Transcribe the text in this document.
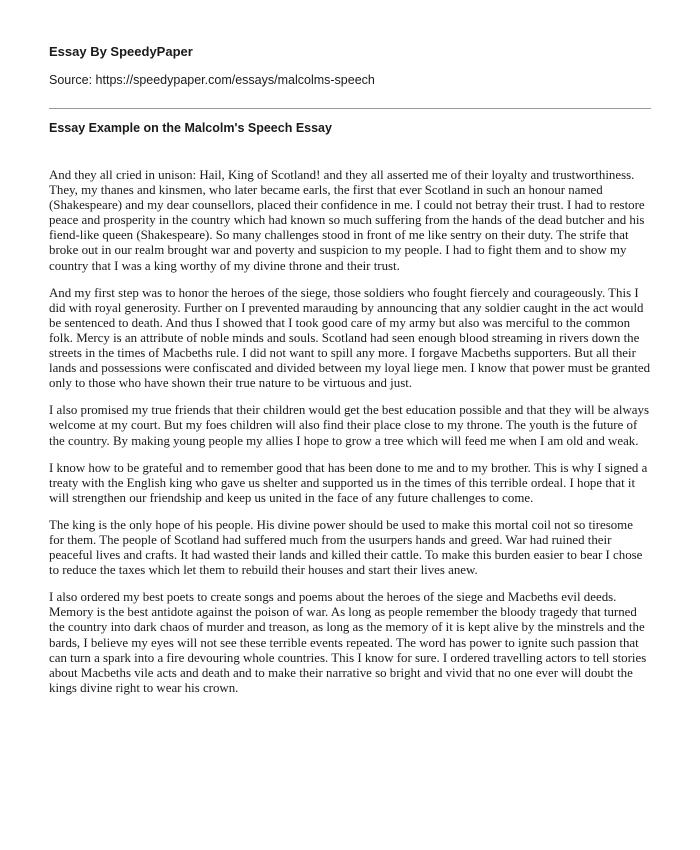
Essay By SpeedyPaper

Source: https://speedypaper.com/essays/malcolms-speech

Essay Example on the Malcolm's Speech Essay

And they all cried in unison: Hail, King of Scotland! and they all asserted me of their loyalty and trustworthiness. They, my thanes and kinsmen, who later became earls, the first that ever Scotland in such an honour named (Shakespeare) and my dear counsellors, placed their confidence in me. I could not betray their trust. I had to restore peace and prosperity in the country which had known so much suffering from the hands of the dead butcher and his fiend-like queen (Shakespeare). So many challenges stood in front of me like sentry on their duty. The strife that broke out in our realm brought war and poverty and suspicion to my people. I had to fight them and to show my country that I was a king worthy of my divine throne and their trust.

And my first step was to honor the heroes of the siege, those soldiers who fought fiercely and courageously. This I did with royal generosity. Further on I prevented marauding by announcing that any soldier caught in the act would be sentenced to death. And thus I showed that I took good care of my army but also was merciful to the common folk. Mercy is an attribute of noble minds and souls. Scotland had seen enough blood streaming in rivers down the streets in the times of Macbeths rule. I did not want to spill any more. I forgave Macbeths supporters. But all their lands and possessions were confiscated and divided between my loyal liege men. I know that power must be granted only to those who have shown their true nature to be virtuous and just.

I also promised my true friends that their children would get the best education possible and that they will be always welcome at my court. But my foes children will also find their place close to my throne. The youth is the future of the country. By making young people my allies I hope to grow a tree which will feed me when I am old and weak.

I know how to be grateful and to remember good that has been done to me and to my brother. This is why I signed a treaty with the English king who gave us shelter and supported us in the times of this terrible ordeal. I hope that it will strengthen our friendship and keep us united in the face of any future challenges to come.

The king is the only hope of his people. His divine power should be used to make this mortal coil not so tiresome for them. The people of Scotland had suffered much from the usurpers hands and greed. War had ruined their peaceful lives and crafts. It had wasted their lands and killed their cattle. To make this burden easier to bear I chose to reduce the taxes which let them to rebuild their houses and start their lives anew.

I also ordered my best poets to create songs and poems about the heroes of the siege and Macbeths evil deeds. Memory is the best antidote against the poison of war. As long as people remember the bloody tragedy that turned the country into dark chaos of murder and treason, as long as the memory of it is kept alive by the minstrels and the bards, I believe my eyes will not see these terrible events repeated. The word has power to ignite such passion that can turn a spark into a fire devouring whole countries. This I know for sure. I ordered travelling actors to tell stories about Macbeths vile acts and death and to make their narrative so bright and vivid that no one ever will doubt the kings divine right to wear his crown.
